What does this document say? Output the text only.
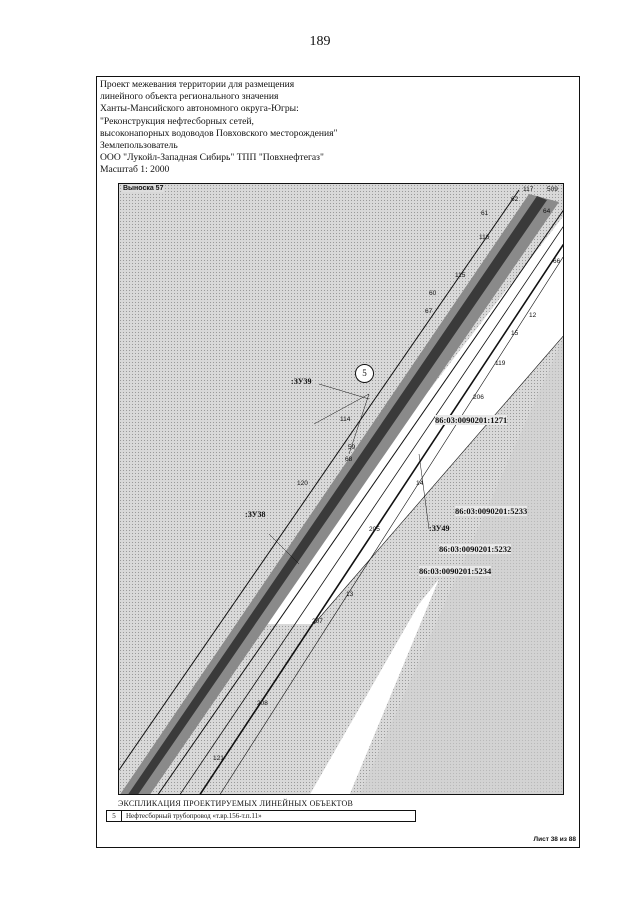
189
Проект межевания территории для размещения
линейного объекта регионального значения
Ханты-Мансийского автономного округа-Югры:
"Реконструкция нефтесборных сетей,
высоконапорных водоводов Повховского месторождения"
Землепользователь
ООО "Лукойл-Западная Сибирь" ТПП "Повхнефтегаз"
Масштаб 1: 2000
Выноска 57	117 509
62
64
61
116
66
115
60
67
12
15
119
206
114
59
68
120	14
205
13
207
208
121
5
:ЗУ39
:ЗУ38
:ЗУ49
86:03:0090201:1271
86:03:0090201:5233
86:03:0090201:5232
86:03:0090201:5234
ЭКСПЛИКАЦИЯ ПРОЕКТИРУЕМЫХ ЛИНЕЙНЫХ ОБЪЕКТОВ
5	Нефтесборный трубопровод «т.вр.156-т.п.11»
Лист 38 из 88
